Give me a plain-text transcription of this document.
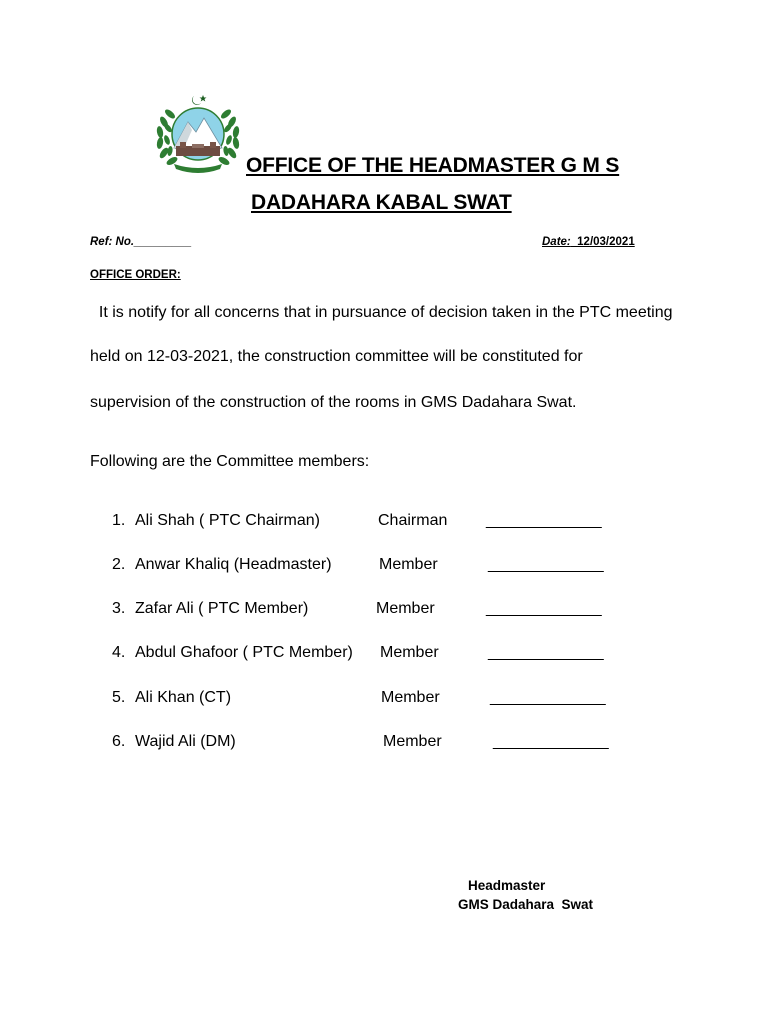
OFFICE OF THE HEADMASTER G M S
DADAHARA KABAL SWAT
Ref: No._________	Date:  12/03/2021
OFFICE ORDER:
It is notify for all concerns that in pursuance of decision taken in the PTC meeting
held on 12-03-2021, the construction committee will be constituted for
supervision of the construction of the rooms in GMS Dadahara Swat.
Following are the Committee members:
1. Ali Shah ( PTC Chairman)	Chairman _____________
2. Anwar Khaliq (Headmaster)	Member	_____________
3. Zafar Ali ( PTC Member)	Member	_____________
4. Abdul Ghafoor ( PTC Member) Member	_____________
5. Ali Khan (CT)	Member	_____________
6. Wajid Ali (DM)	Member	_____________
Headmaster
GMS Dadahara  Swat
